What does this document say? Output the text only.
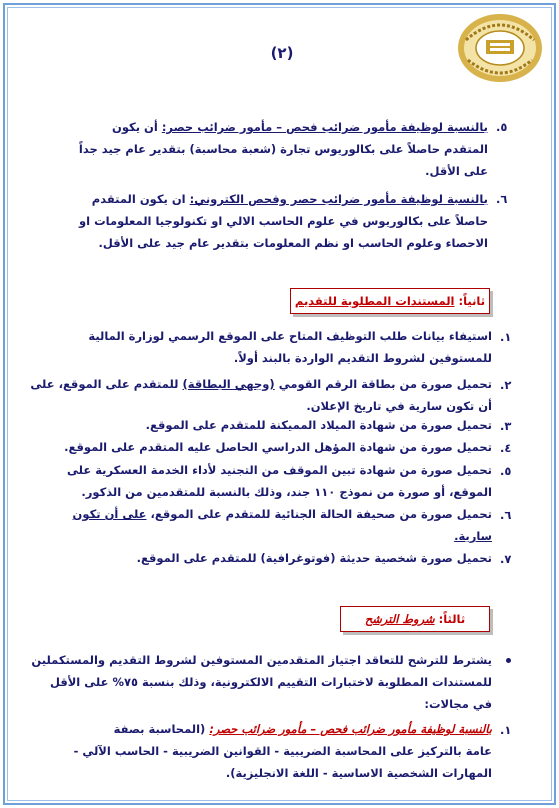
(٢)
.٥
بالنسبة لوظيفة مأمور ضرائب فحص – مأمور ضرائب حصر: أن يكون
المتقدم حاصلاً على بكالوريوس تجارة (شعبة محاسبة) بتقدير عام جيد جداً
على الأقل.
.٦
بالنسبة لوظيفة مأمور ضرائب حصر وفحص الكتروني: ان يكون المتقدم
حاصلاً على بكالوريوس في علوم الحاسب الالي او تكنولوجيا المعلومات او
الاحصاء وعلوم الحاسب او نظم المعلومات بتقدير عام جيد على الأقل.
ثانياً: المستندات المطلوبة للتقديم
.١
استيفاء بيانات طلب التوظيف المتاح على الموقع الرسمي لوزارة المالية
للمستوفين لشروط التقديم الواردة بالبند أولاً.
.٢
تحميل صورة من بطاقة الرقم القومي (وجهي البطاقة) للمتقدم على الموقع، على
أن تكون سارية في تاريخ الإعلان.
.٣
تحميل صورة من شهادة الميلاد المميكنة للمتقدم على الموقع.
.٤
تحميل صورة من شهادة المؤهل الدراسي الحاصل عليه المتقدم على الموقع.
.٥
تحميل صورة من شهادة تبين الموقف من التجنيد لأداء الخدمة العسكرية على
الموقع، أو صورة من نموذج ١١٠ جند، وذلك بالنسبة للمتقدمين من الذكور.
.٦
تحميل صورة من صحيفة الحالة الجنائية للمتقدم على الموقع، على أن تكون
سارية.
.٧
تحميل صورة شخصية حديثة (فوتوغرافية) للمتقدم على الموقع.
ثالثاً: شروط الترشح
يشترط للترشح للتعاقد اجتياز المتقدمين المستوفين لشروط التقديم والمستكملين
للمستندات المطلوبة لاختبارات التقييم الالكترونية، وذلك بنسبة ٧٥% على الأقل
في مجالات:
.١
بالنسبة لوظيفة مأمور ضرائب فحص – مأمور ضرائب حصر: (المحاسبة بصفة
عامة بالتركيز على المحاسبة الضريبية - القوانين الضريبية - الحاسب الآلي -
المهارات الشخصية الاساسية - اللغة الانجليزية).
